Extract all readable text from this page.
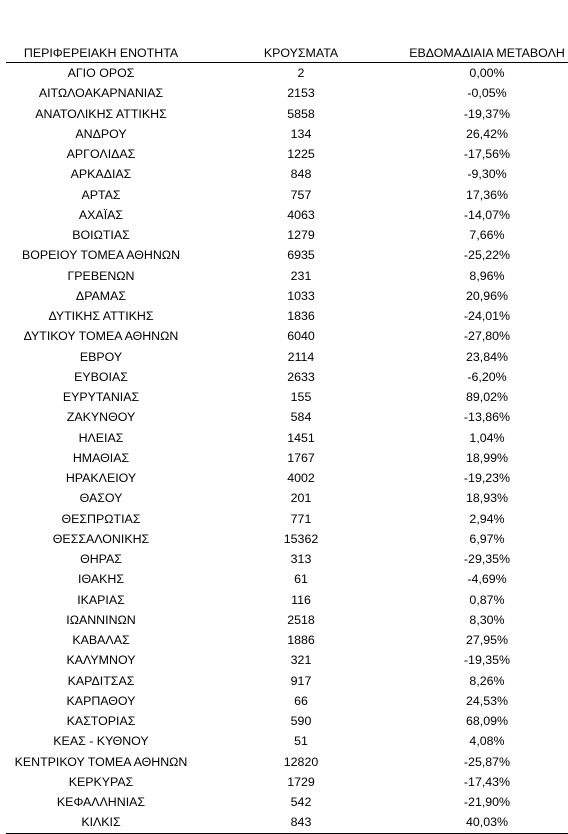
ΠΕΡΙΦΕΡΕΙΑΚΗ ΕΝΟΤΗΤΑ	ΚΡΟΥΣΜΑΤΑ	ΕΒΔΟΜΑΔΙΑΙΑ ΜΕΤΑΒΟΛΗ
ΑΓΙΟ ΟΡΟΣ	2	0,00%
ΑΙΤΩΛΟΑΚΑΡΝΑΝΙΑΣ	2153	-0,05%
ΑΝΑΤΟΛΙΚΗΣ ΑΤΤΙΚΗΣ	5858	-19,37%
ΑΝΔΡΟΥ	134	26,42%
ΑΡΓΟΛΙΔΑΣ	1225	-17,56%
ΑΡΚΑΔΙΑΣ	848	-9,30%
ΑΡΤΑΣ	757	17,36%
ΑΧΑΪΑΣ	4063	-14,07%
ΒΟΙΩΤΙΑΣ	1279	7,66%
ΒΟΡΕΙΟΥ ΤΟΜΕΑ ΑΘΗΝΩΝ	6935	-25,22%
ΓΡΕΒΕΝΩΝ	231	8,96%
ΔΡΑΜΑΣ	1033	20,96%
ΔΥΤΙΚΗΣ ΑΤΤΙΚΗΣ	1836	-24,01%
ΔΥΤΙΚΟΥ ΤΟΜΕΑ ΑΘΗΝΩΝ	6040	-27,80%
ΕΒΡΟΥ	2114	23,84%
ΕΥΒΟΙΑΣ	2633	-6,20%
ΕΥΡΥΤΑΝΙΑΣ	155	89,02%
ΖΑΚΥΝΘΟΥ	584	-13,86%
ΗΛΕΙΑΣ	1451	1,04%
ΗΜΑΘΙΑΣ	1767	18,99%
ΗΡΑΚΛΕΙΟΥ	4002	-19,23%
ΘΑΣΟΥ	201	18,93%
ΘΕΣΠΡΩΤΙΑΣ	771	2,94%
ΘΕΣΣΑΛΟΝΙΚΗΣ	15362	6,97%
ΘΗΡΑΣ	313	-29,35%
ΙΘΑΚΗΣ	61	-4,69%
ΙΚΑΡΙΑΣ	116	0,87%
ΙΩΑΝΝΙΝΩΝ	2518	8,30%
ΚΑΒΑΛΑΣ	1886	27,95%
ΚΑΛΥΜΝΟΥ	321	-19,35%
ΚΑΡΔΙΤΣΑΣ	917	8,26%
ΚΑΡΠΑΘΟΥ	66	24,53%
ΚΑΣΤΟΡΙΑΣ	590	68,09%
ΚΕΑΣ - ΚΥΘΝΟΥ	51	4,08%
ΚΕΝΤΡΙΚΟΥ ΤΟΜΕΑ ΑΘΗΝΩΝ	12820	-25,87%
ΚΕΡΚΥΡΑΣ	1729	-17,43%
ΚΕΦΑΛΛΗΝΙΑΣ	542	-21,90%
ΚΙΛΚΙΣ	843	40,03%
